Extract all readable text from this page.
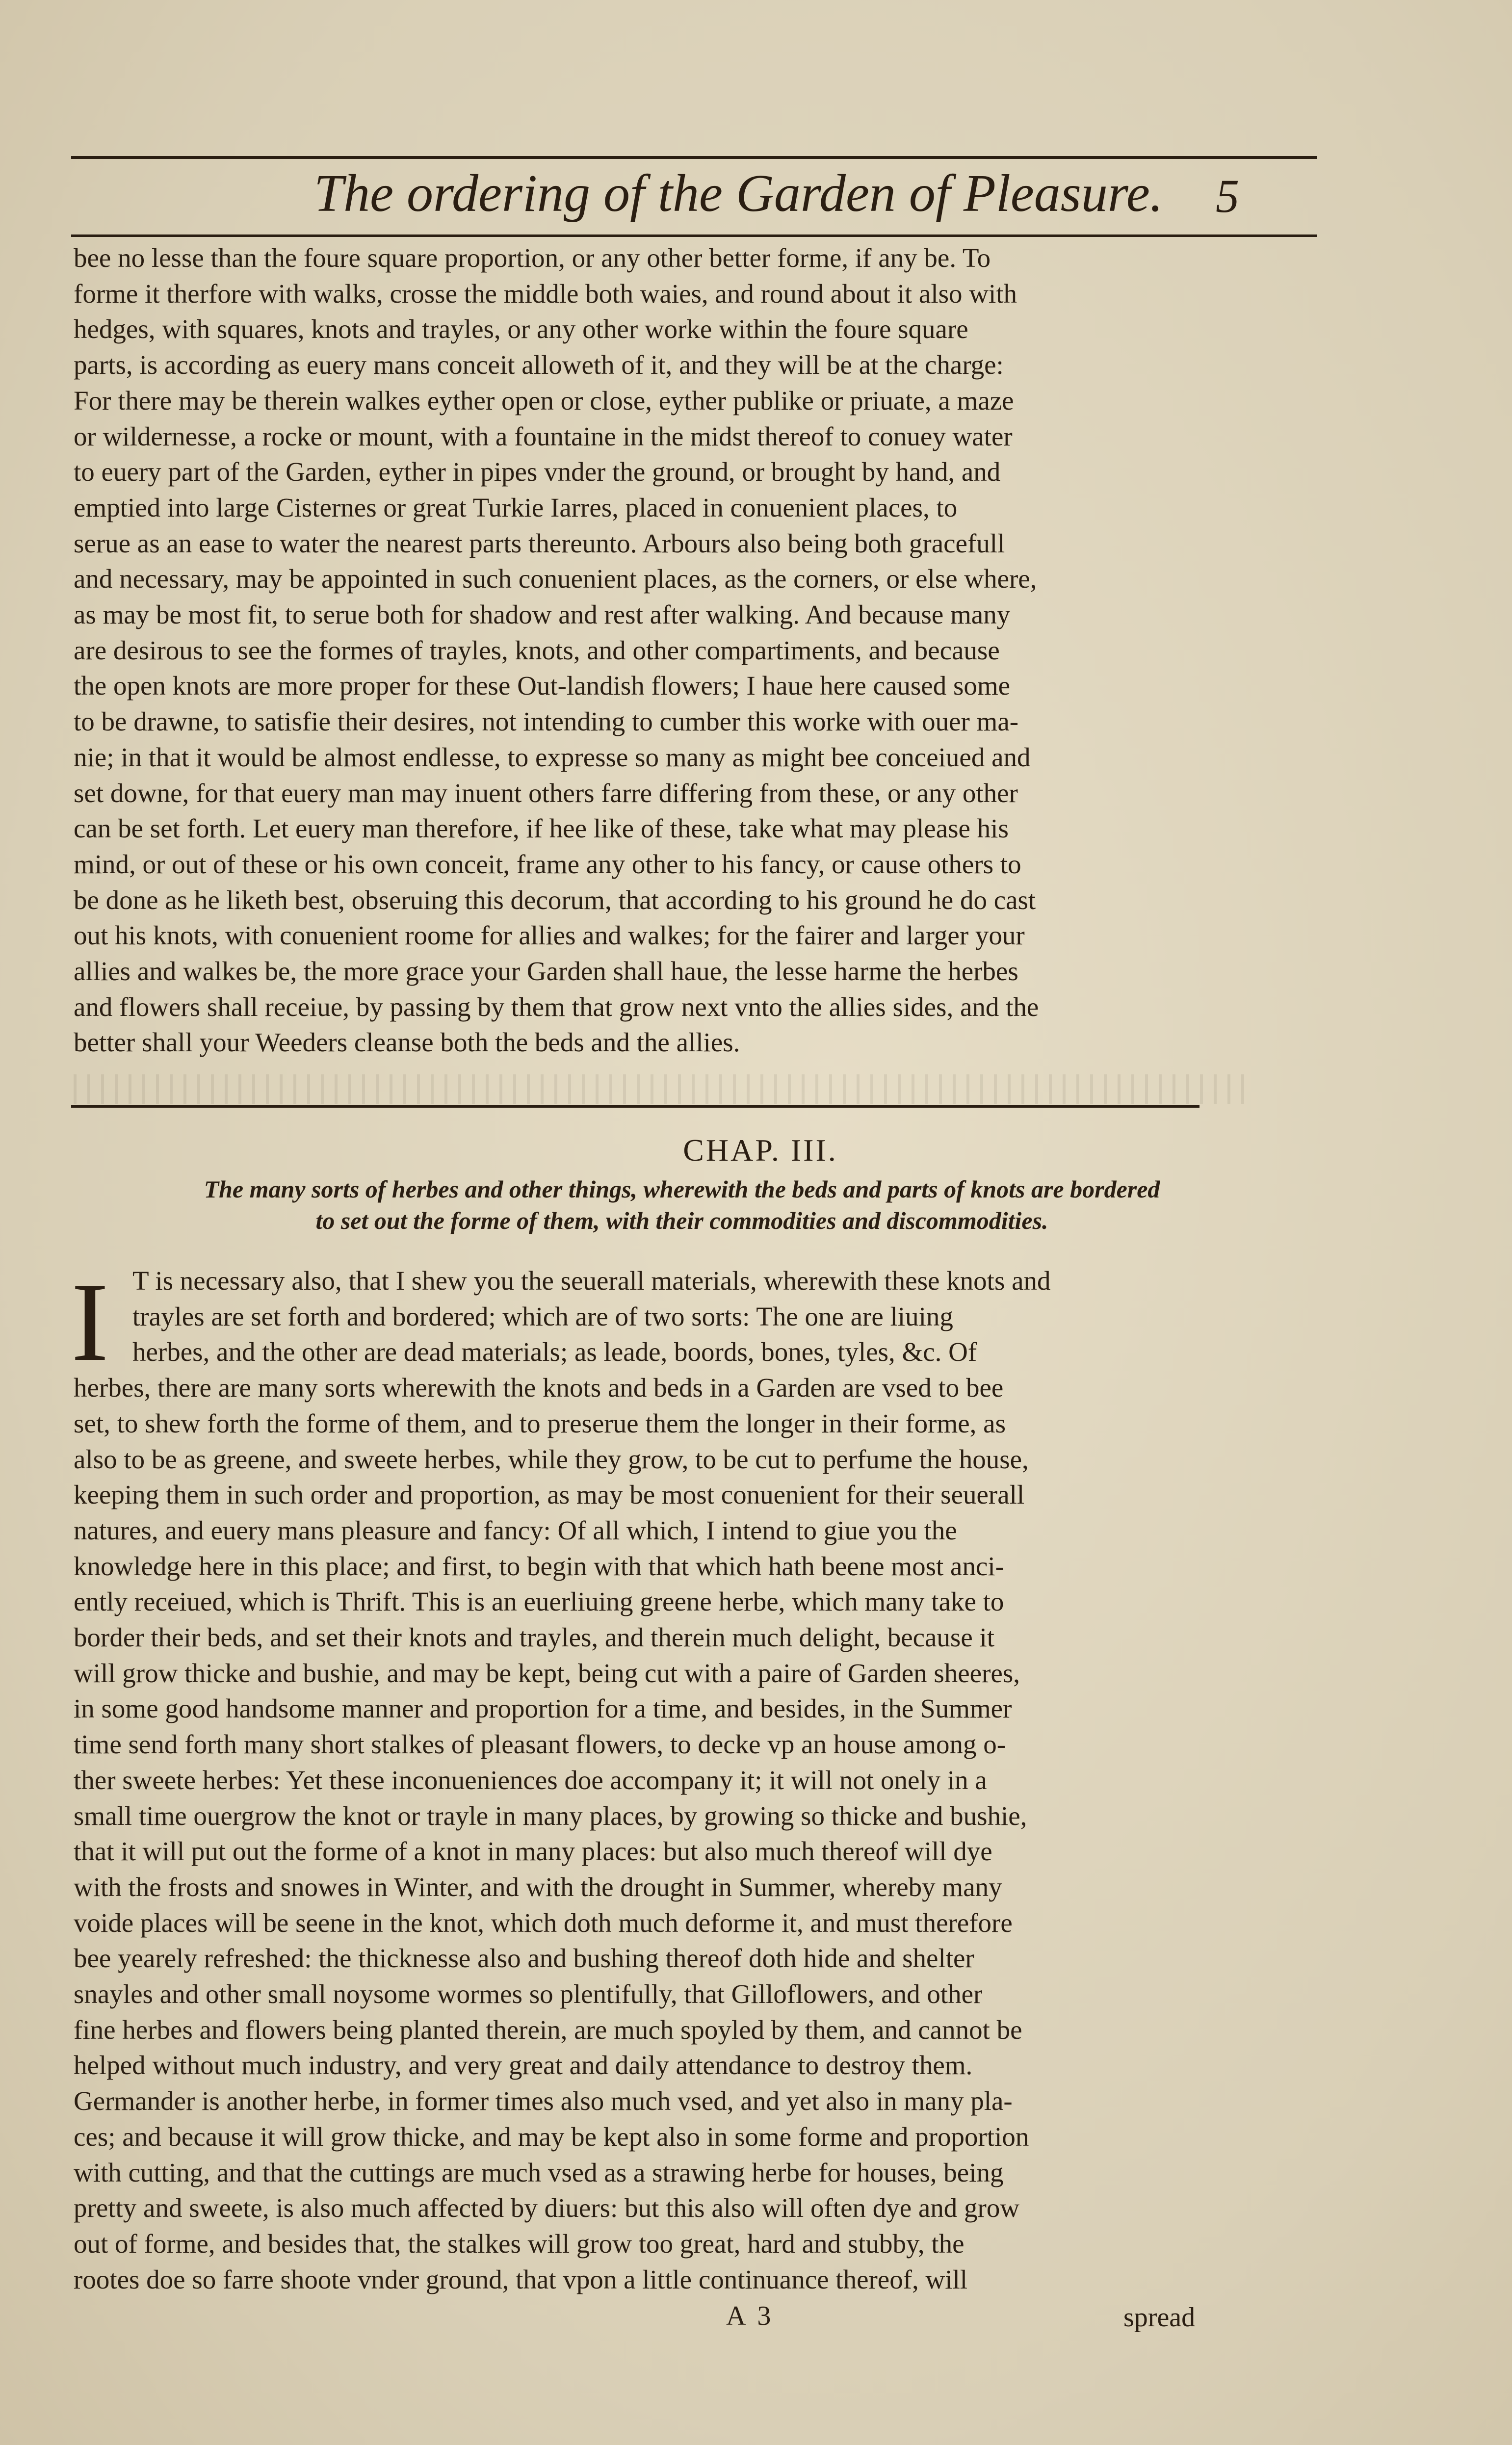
The ordering of the Garden of Pleasure. 5
bee no lesse than the foure square proportion, or any other better forme, if any be. To
forme it therfore with walks, crosse the middle both waies, and round about it also with
hedges, with squares, knots and trayles, or any other worke within the foure square
parts, is according as euery mans conceit alloweth of it, and they will be at the charge:
For there may be therein walkes eyther open or close, eyther publike or priuate, a maze
or wildernesse, a rocke or mount, with a fountaine in the midst thereof to conuey water
to euery part of the Garden, eyther in pipes vnder the ground, or brought by hand, and
emptied into large Cisternes or great Turkie Iarres, placed in conuenient places, to
serue as an ease to water the nearest parts thereunto. Arbours also being both gracefull
and necessary, may be appointed in such conuenient places, as the corners, or else where,
as may be most fit, to serue both for shadow and rest after walking. And because many
are desirous to see the formes of trayles, knots, and other compartiments, and because
the open knots are more proper for these Out-landish flowers; I haue here caused some
to be drawne, to satisfie their desires, not intending to cumber this worke with ouer ma-
nie; in that it would be almost endlesse, to expresse so many as might bee conceiued and
set downe, for that euery man may inuent others farre differing from these, or any other
can be set forth. Let euery man therefore, if hee like of these, take what may please his
mind, or out of these or his own conceit, frame any other to his fancy, or cause others to
be done as he liketh best, obseruing this decorum, that according to his ground he do cast
out his knots, with conuenient roome for allies and walkes; for the fairer and larger your
allies and walkes be, the more grace your Garden shall haue, the lesse harme the herbes
and flowers shall receiue, by passing by them that grow next vnto the allies sides, and the
better shall your Weeders cleanse both the beds and the allies.
CHAP. III.
The many sorts of herbes and other things, wherewith the beds and parts of knots are bordered
to set out the forme of them, with their commodities and discommodities.
I T is necessary also, that I shew you the seuerall materials, wherewith these knots and
trayles are set forth and bordered; which are of two sorts: The one are liuing
herbes, and the other are dead materials; as leade, boords, bones, tyles, &c. Of
herbes, there are many sorts wherewith the knots and beds in a Garden are vsed to bee
set, to shew forth the forme of them, and to preserue them the longer in their forme, as
also to be as greene, and sweete herbes, while they grow, to be cut to perfume the house,
keeping them in such order and proportion, as may be most conuenient for their seuerall
natures, and euery mans pleasure and fancy: Of all which, I intend to giue you the
knowledge here in this place; and first, to begin with that which hath beene most anci-
ently receiued, which is Thrift. This is an euerliuing greene herbe, which many take to
border their beds, and set their knots and trayles, and therein much delight, because it
will grow thicke and bushie, and may be kept, being cut with a paire of Garden sheeres,
in some good handsome manner and proportion for a time, and besides, in the Summer
time send forth many short stalkes of pleasant flowers, to decke vp an house among o-
ther sweete herbes: Yet these inconueniences doe accompany it; it will not onely in a
small time ouergrow the knot or trayle in many places, by growing so thicke and bushie,
that it will put out the forme of a knot in many places: but also much thereof will dye
with the frosts and snowes in Winter, and with the drought in Summer, whereby many
voide places will be seene in the knot, which doth much deforme it, and must therefore
bee yearely refreshed: the thicknesse also and bushing thereof doth hide and shelter
snayles and other small noysome wormes so plentifully, that Gilloflowers, and other
fine herbes and flowers being planted therein, are much spoyled by them, and cannot be
helped without much industry, and very great and daily attendance to destroy them.
Germander is another herbe, in former times also much vsed, and yet also in many pla-
ces; and because it will grow thicke, and may be kept also in some forme and proportion
with cutting, and that the cuttings are much vsed as a strawing herbe for houses, being
pretty and sweete, is also much affected by diuers: but this also will often dye and grow
out of forme, and besides that, the stalkes will grow too great, hard and stubby, the
rootes doe so farre shoote vnder ground, that vpon a little continuance thereof, will
A 3	spread
